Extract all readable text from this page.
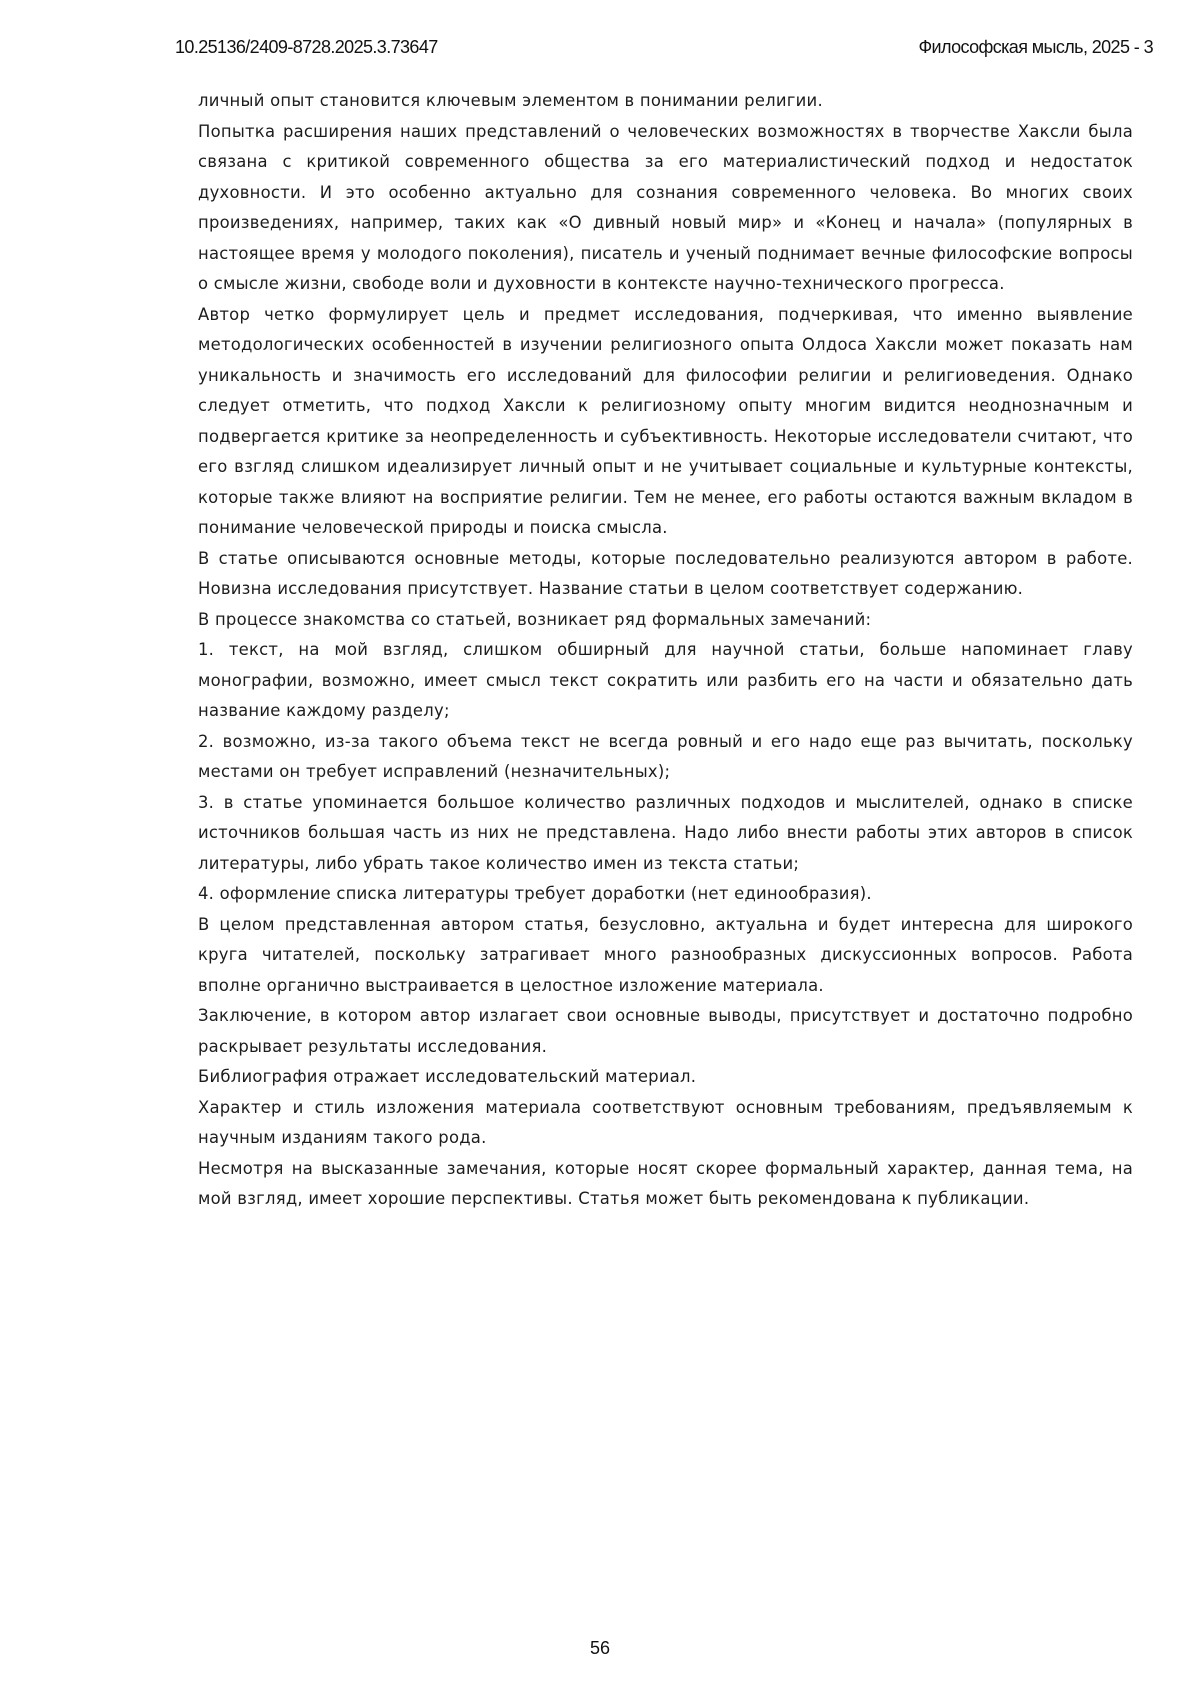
10.25136/2409-8728.2025.3.73647	Философская мысль, 2025 - 3

личный опыт становится ключевым элементом в понимании религии.

Попытка расширения наших представлений о человеческих возможностях в творчестве Хаксли была связана с критикой современного общества за его материалистический подход и недостаток духовности. И это особенно актуально для сознания современного человека. Во многих своих произведениях, например, таких как «О дивный новый мир» и «Конец и начала» (популярных в настоящее время у молодого поколения), писатель и ученый поднимает вечные философские вопросы о смысле жизни, свободе воли и духовности в контексте научно-технического прогресса.

Автор четко формулирует цель и предмет исследования, подчеркивая, что именно выявление методологических особенностей в изучении религиозного опыта Олдоса Хаксли может показать нам уникальность и значимость его исследований для философии религии и религиоведения. Однако следует отметить, что подход Хаксли к религиозному опыту многим видится неоднозначным и подвергается критике за неопределенность и субъективность. Некоторые исследователи считают, что его взгляд слишком идеализирует личный опыт и не учитывает социальные и культурные контексты, которые также влияют на восприятие религии. Тем не менее, его работы остаются важным вкладом в понимание человеческой природы и поиска смысла.

В статье описываются основные методы, которые последовательно реализуются автором в работе. Новизна исследования присутствует. Название статьи в целом соответствует содержанию.

В процессе знакомства со статьей, возникает ряд формальных замечаний:

1. текст, на мой взгляд, слишком обширный для научной статьи, больше напоминает главу монографии, возможно, имеет смысл текст сократить или разбить его на части и обязательно дать название каждому разделу;

2. возможно, из-за такого объема текст не всегда ровный и его надо еще раз вычитать, поскольку местами он требует исправлений (незначительных);

3. в статье упоминается большое количество различных подходов и мыслителей, однако в списке источников большая часть из них не представлена. Надо либо внести работы этих авторов в список литературы, либо убрать такое количество имен из текста статьи;

4. оформление списка литературы требует доработки (нет единообразия).

В целом представленная автором статья, безусловно, актуальна и будет интересна для широкого круга читателей, поскольку затрагивает много разнообразных дискуссионных вопросов. Работа вполне органично выстраивается в целостное изложение материала.

Заключение, в котором автор излагает свои основные выводы, присутствует и достаточно подробно раскрывает результаты исследования.

Библиография отражает исследовательский материал.

Характер и стиль изложения материала соответствуют основным требованиям, предъявляемым к научным изданиям такого рода.

Несмотря на высказанные замечания, которые носят скорее формальный характер, данная тема, на мой взгляд, имеет хорошие перспективы. Статья может быть рекомендована к публикации.

56
